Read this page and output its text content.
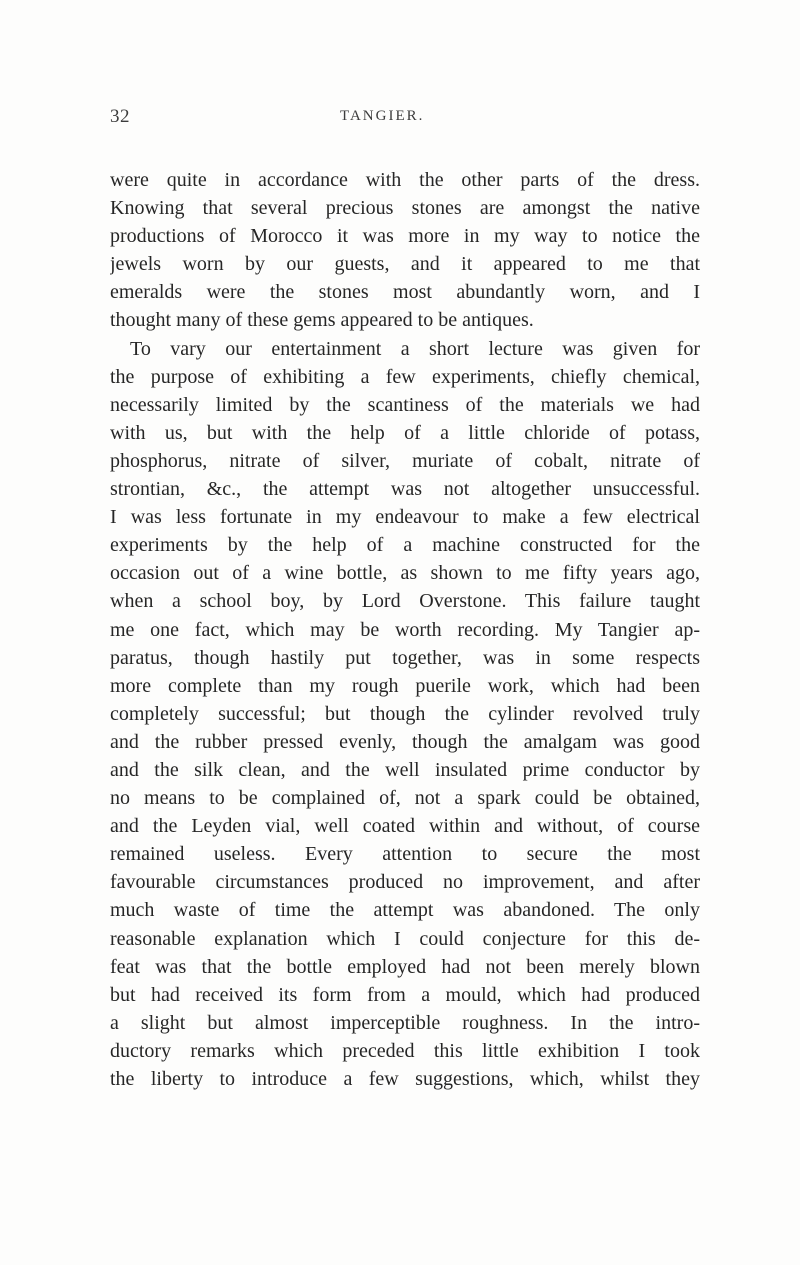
32	TANGIER.
were quite in accordance with the other parts of the dress.
Knowing that several precious stones are amongst the native
productions of Morocco it was more in my way to notice the
jewels worn by our guests, and it appeared to me that
emeralds were the stones most abundantly worn, and I
thought many of these gems appeared to be antiques.
To vary our entertainment a short lecture was given for
the purpose of exhibiting a few experiments, chiefly chemical,
necessarily limited by the scantiness of the materials we had
with us, but with the help of a little chloride of potass,
phosphorus, nitrate of silver, muriate of cobalt, nitrate of
strontian, &c., the attempt was not altogether unsuccessful.
I was less fortunate in my endeavour to make a few electrical
experiments by the help of a machine constructed for the
occasion out of a wine bottle, as shown to me fifty years ago,
when a school boy, by Lord Overstone. This failure taught
me one fact, which may be worth recording. My Tangier ap-
paratus, though hastily put together, was in some respects
more complete than my rough puerile work, which had been
completely successful; but though the cylinder revolved truly
and the rubber pressed evenly, though the amalgam was good
and the silk clean, and the well insulated prime conductor by
no means to be complained of, not a spark could be obtained,
and the Leyden vial, well coated within and without, of course
remained useless. Every attention to secure the most
favourable circumstances produced no improvement, and after
much waste of time the attempt was abandoned. The only
reasonable explanation which I could conjecture for this de-
feat was that the bottle employed had not been merely blown
but had received its form from a mould, which had produced
a slight but almost imperceptible roughness. In the intro-
ductory remarks which preceded this little exhibition I took
the liberty to introduce a few suggestions, which, whilst they
